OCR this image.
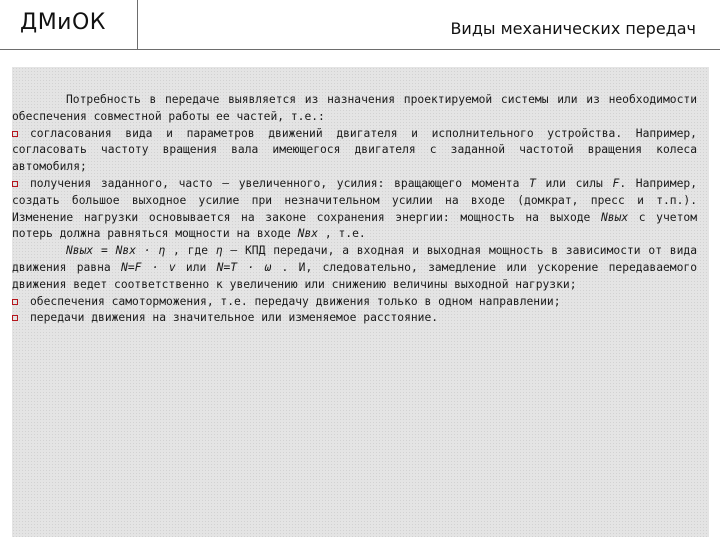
ДМиОК	Виды механических передач

Потребность в передаче выявляется из назначения проектируемой системы или из необходимости обеспечения совместной работы ее частей, т.е.:

согласования вида и параметров движений двигателя и исполнительного устройства. Например, согласовать частоту вращения вала имеющегося двигателя с заданной частотой вращения колеса автомобиля;

получения заданного, часто – увеличенного, усилия: вращающего момента T или силы F. Например, создать большое выходное усилие при незначительном усилии на входе (домкрат, пресс и т.п.). Изменение нагрузки основывается на законе сохранения энергии: мощность на выходе Nвых с учетом потерь должна равняться мощности на входе Nвх , т.е.

Nвых = Nвх · η , где η – КПД передачи, а входная и выходная мощность в зависимости от вида движения равна N=F · v или N=T · ω . И, следовательно, замедление или ускорение передаваемого движения ведет соответственно к увеличению или снижению величины выходной нагрузки;

обеспечения самоторможения, т.е. передачу движения только в одном направлении;

передачи движения на значительное или изменяемое расстояние.
